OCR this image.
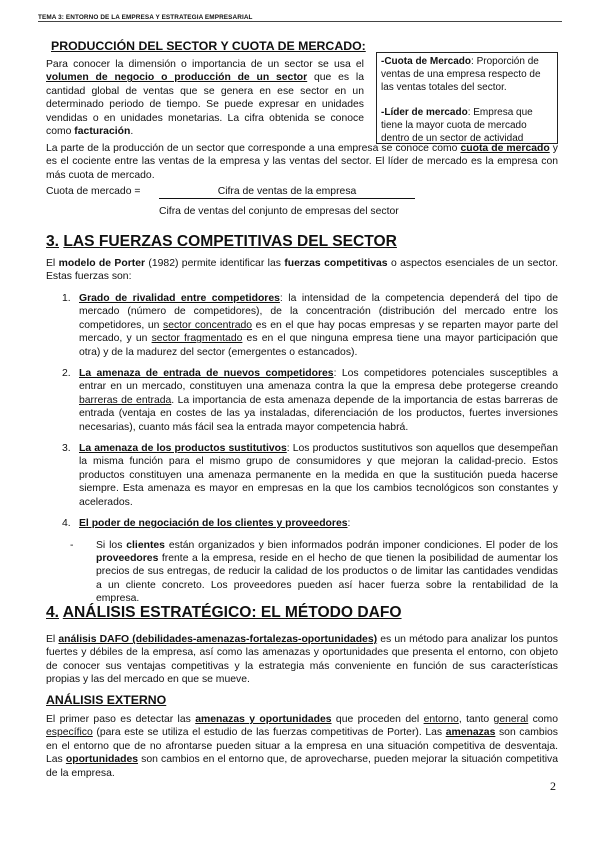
TEMA 3: ENTORNO DE LA EMPRESA Y ESTRATEGIA EMPRESARIAL
PRODUCCIÓN DEL SECTOR Y CUOTA DE MERCADO:
Para conocer la dimensión o importancia de un sector se usa el volumen de negocio o producción de un sector que es la cantidad global de ventas que se genera en ese sector en un determinado periodo de tiempo. Se puede expresar en unidades vendidas o en unidades monetarias. La cifra obtenida se conoce como facturación.

-Cuota de Mercado: Proporción de ventas de una empresa respecto de las ventas totales del sector.

-Líder de mercado: Empresa que tiene la mayor cuota de mercado dentro de un sector de actividad

La parte de la producción de un sector que corresponde a una empresa se conoce como cuota de mercado y es el cociente entre las ventas de la empresa y las ventas del sector. El líder de mercado es la empresa con más cuota de mercado.
Cuota de mercado =	Cifra de ventas de la empresa
Cifra de ventas del conjunto de empresas del sector
3. LAS FUERZAS COMPETITIVAS DEL SECTOR
El modelo de Porter (1982) permite identificar las fuerzas competitivas o aspectos esenciales de un sector. Estas fuerzas son:
1. Grado de rivalidad entre competidores: la intensidad de la competencia dependerá del tipo de mercado (número de competidores), de la concentración (distribución del mercado entre los competidores, un sector concentrado es en el que hay pocas empresas y se reparten mayor parte del mercado, y un sector fragmentado es en el que ninguna empresa tiene una mayor participación que otra) y de la madurez del sector (emergentes o estancados).
2. La amenaza de entrada de nuevos competidores: Los competidores potenciales susceptibles a entrar en un mercado, constituyen una amenaza contra la que la empresa debe protegerse creando barreras de entrada. La importancia de esta amenaza depende de la importancia de estas barreras de entrada (ventaja en costes de las ya instaladas, diferenciación de los productos, fuertes inversiones necesarias), cuanto más fácil sea la entrada mayor competencia habrá.
3. La amenaza de los productos sustitutivos: Los productos sustitutivos son aquellos que desempeñan la misma función para el mismo grupo de consumidores y que mejoran la calidad-precio. Estos productos constituyen una amenaza permanente en la medida en que la sustitución pueda hacerse siempre. Esta amenaza es mayor en empresas en la que los cambios tecnológicos son constantes y acelerados.
4. El poder de negociación de los clientes y proveedores:
- Si los clientes están organizados y bien informados podrán imponer condiciones. El poder de los proveedores frente a la empresa, reside en el hecho de que tienen la posibilidad de aumentar los precios de sus entregas, de reducir la calidad de los productos o de limitar las cantidades vendidas a un cliente concreto. Los proveedores pueden así hacer fuerza sobre la rentabilidad de la empresa.
4. ANÁLISIS ESTRATÉGICO: EL MÉTODO DAFO
El análisis DAFO (debilidades-amenazas-fortalezas-oportunidades) es un método para analizar los puntos fuertes y débiles de la empresa, así como las amenazas y oportunidades que presenta el entorno, con objeto de conocer sus ventajas competitivas y la estrategia más conveniente en función de sus características propias y las del mercado en que se mueve.
ANÁLISIS EXTERNO
El primer paso es detectar las amenazas y oportunidades que proceden del entorno, tanto general como específico (para este se utiliza el estudio de las fuerzas competitivas de Porter). Las amenazas son cambios en el entorno que de no afrontarse pueden situar a la empresa en una situación competitiva de desventaja. Las oportunidades son cambios en el entorno que, de aprovecharse, pueden mejorar la situación competitiva de la empresa.
2
